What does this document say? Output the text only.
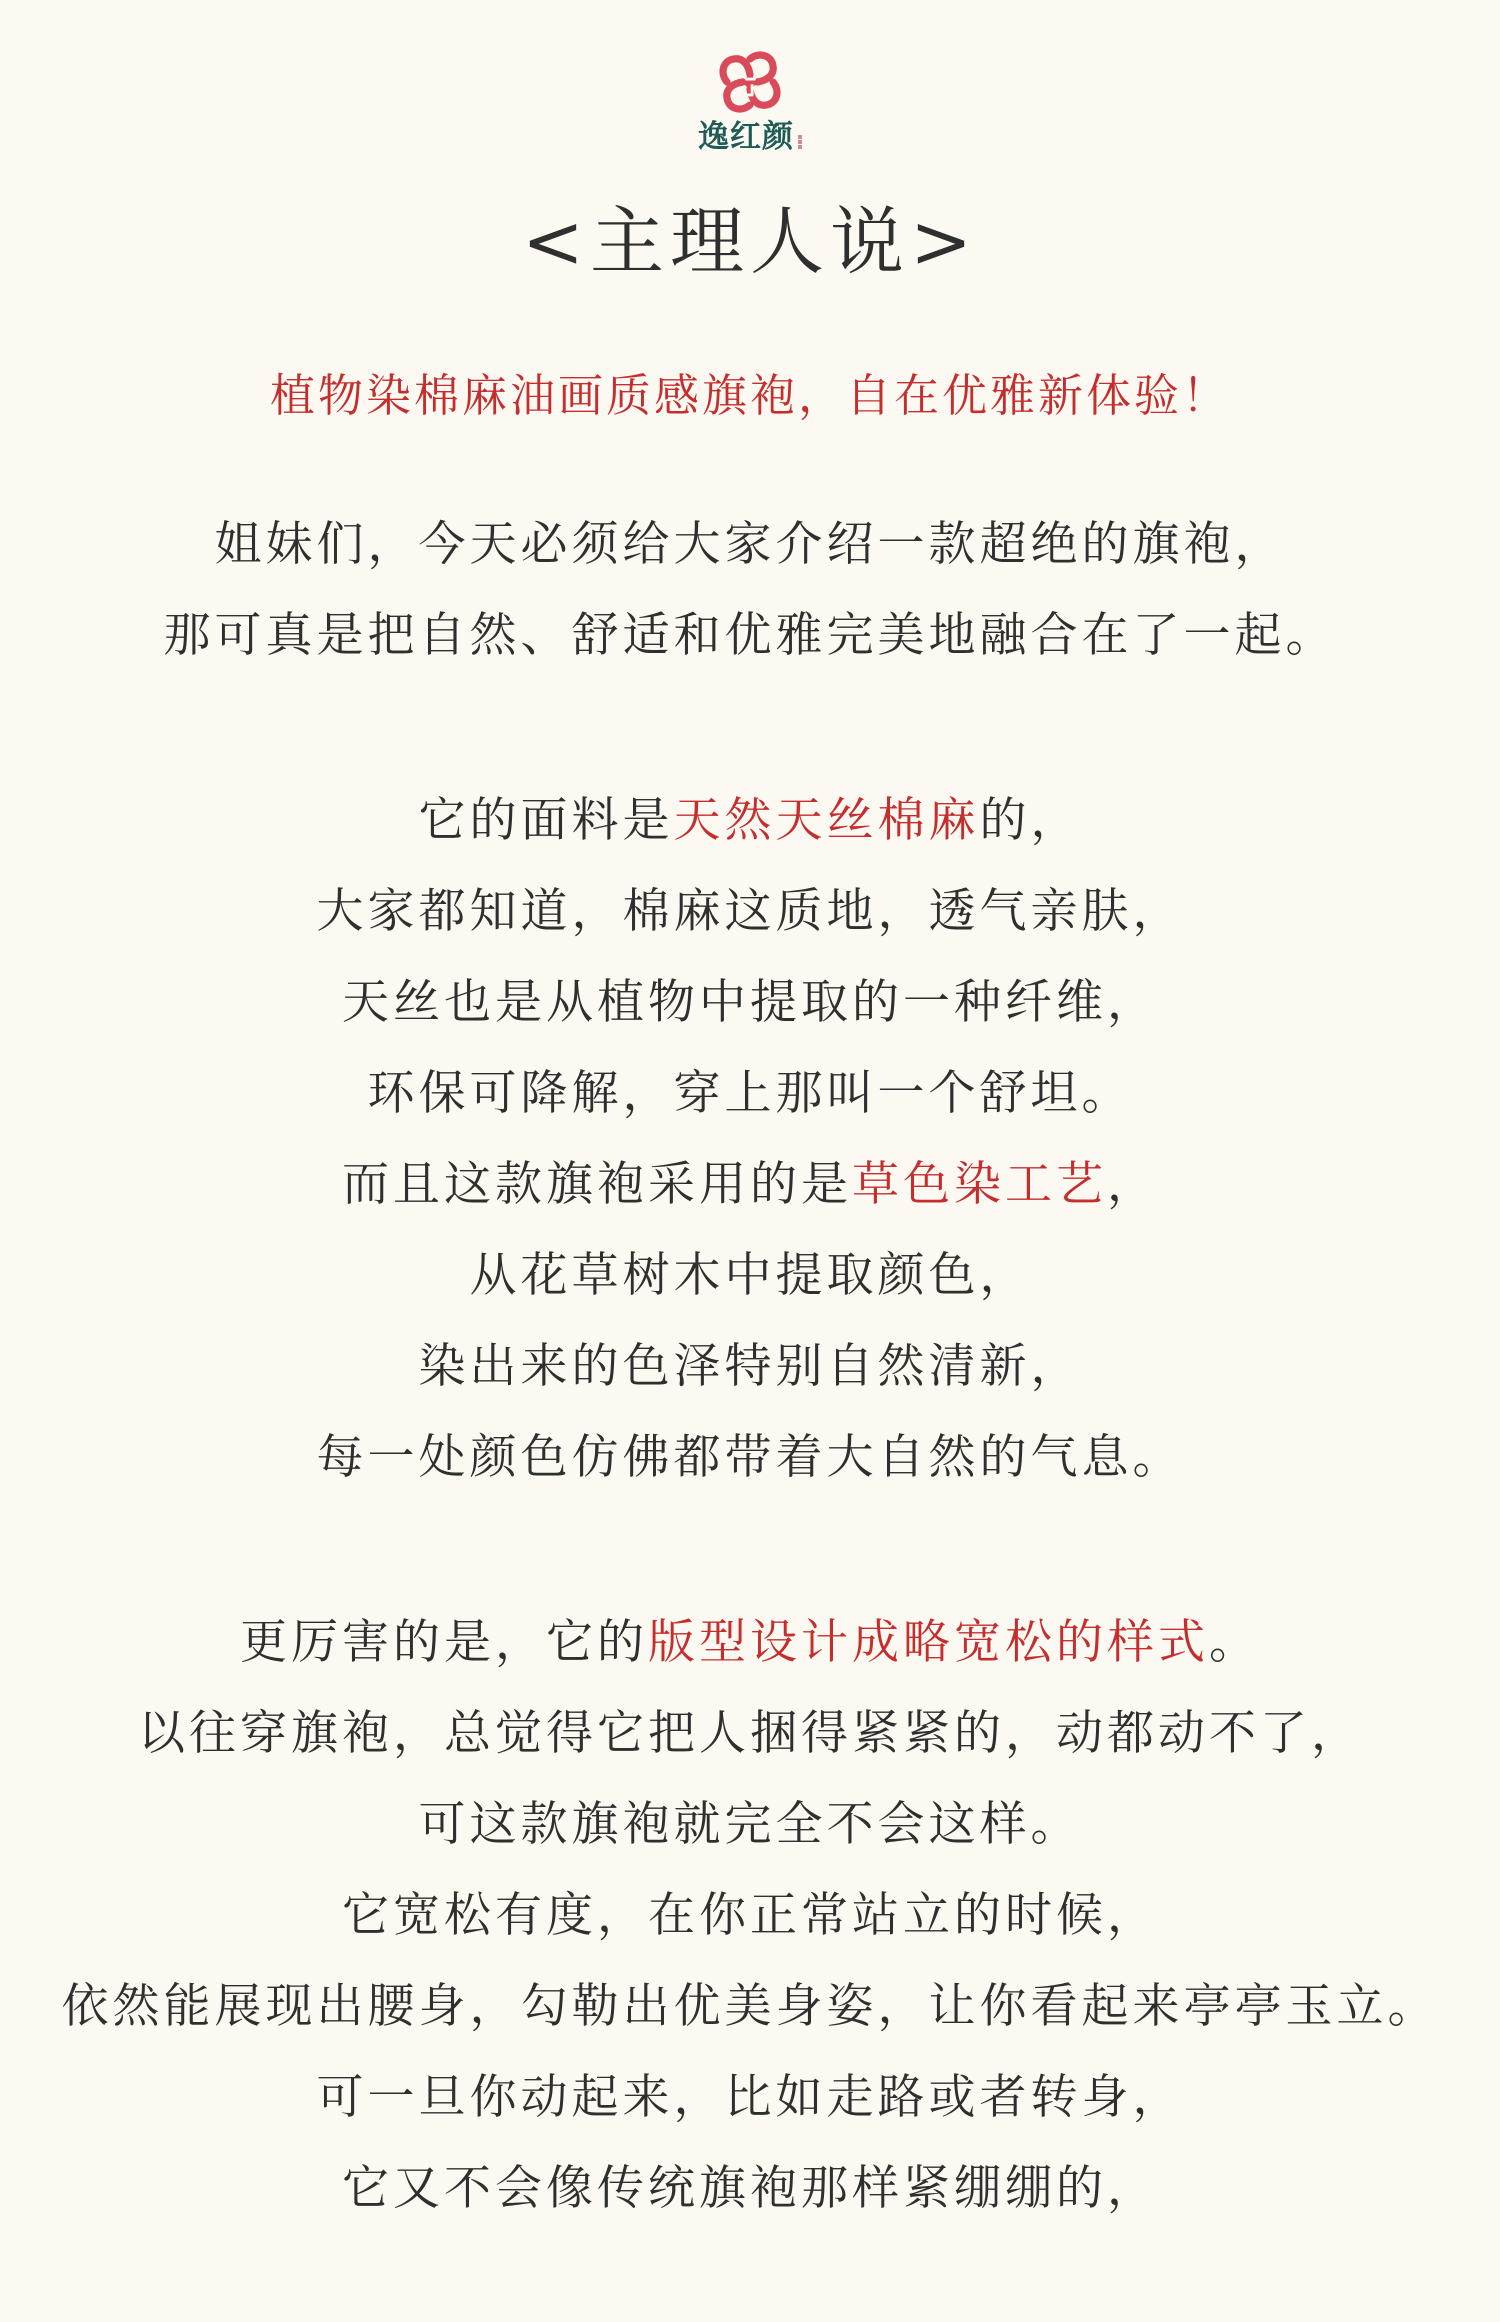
逸红颜
<主理人说>
植物染棉麻油画质感旗袍，自在优雅新体验！
姐妹们，今天必须给大家介绍一款超绝的旗袍，
那可真是把自然、舒适和优雅完美地融合在了一起。
它的面料是天然天丝棉麻的，
大家都知道，棉麻这质地，透气亲肤，
天丝也是从植物中提取的一种纤维，
环保可降解，穿上那叫一个舒坦。
而且这款旗袍采用的是草色染工艺，
从花草树木中提取颜色，
染出来的色泽特别自然清新，
每一处颜色仿佛都带着大自然的气息。
更厉害的是，它的版型设计成略宽松的样式。
以往穿旗袍，总觉得它把人捆得紧紧的，动都动不了，
可这款旗袍就完全不会这样。
它宽松有度，在你正常站立的时候，
依然能展现出腰身，勾勒出优美身姿，让你看起来亭亭玉立。
可一旦你动起来，比如走路或者转身，
它又不会像传统旗袍那样紧绷绷的，
